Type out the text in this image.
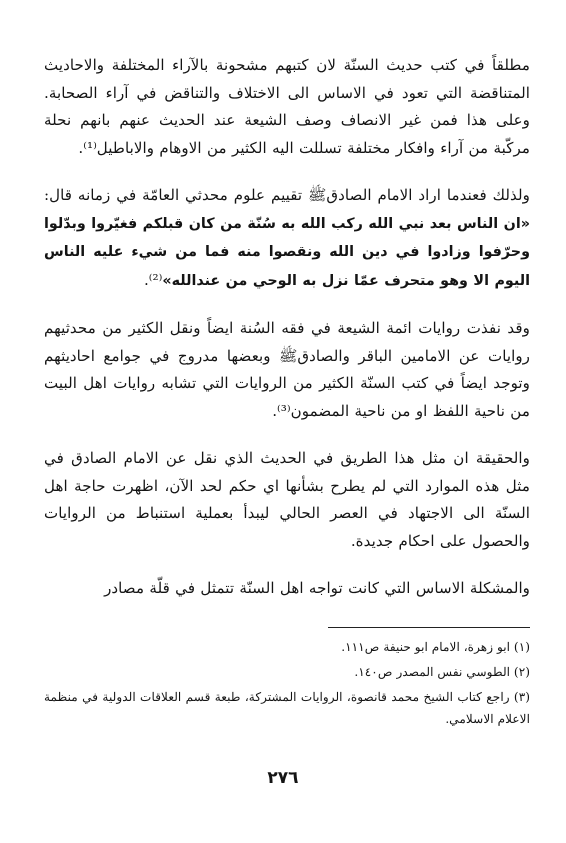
مطلقاً في كتب حديث السنّة لان كتبهم مشحونة بالآراء المختلفة والاحاديث المتناقضة التي تعود في الاساس الى الاختلاف والتناقض في آراء الصحابة. وعلى هذا فمن غير الانصاف وصف الشيعة عند الحديث عنهم بانهم نحلة مركّبة من آراء وافكار مختلفة تسللت اليه الكثير من الاوهام والاباطيل⁽¹⁾.

ولذلك فعندما اراد الامام الصادقﷺ تقييم علوم محدثي العامّة في زمانه قال: «ان الناس بعد نبي الله ركب الله به سُنّة من كان قبلكم فغيّروا وبدّلوا وحرّفوا وزادوا في دين الله ونقصوا منه فما من شيء عليه الناس اليوم الا وهو متحرف عمّا نزل به الوحي من عندالله»⁽²⁾.

وقد نفذت روايات ائمة الشيعة في فقه السُنة ايضاً ونقل الكثير من محدثيهم روايات عن الامامين الباقر والصادقﷺ وبعضها مدروج في جوامع احاديثهم وتوجد ايضاً في كتب السنّة الكثير من الروايات التي تشابه روايات اهل البيت من ناحية اللفظ او من ناحية المضمون⁽³⁾.

والحقيقة ان مثل هذا الطريق في الحديث الذي نقل عن الامام الصادق في مثل هذه الموارد التي لم يطرح بشأنها اي حكم لحد الآن، اظهرت حاجة اهل السنّة الى الاجتهاد في العصر الحالي ليبدأ بعملية استنباط من الروايات والحصول على احكام جديدة.

والمشكلة الاساس التي كانت تواجه اهل السنّة تتمثل في قلّة مصادر

(١) ابو زهرة، الامام ابو حنيفة ص١١١.

(٢) الطوسي نفس المصدر ص١٤٠.

(٣) راجع كتاب الشيخ محمد قانصوة، الروايات المشتركة، طبعة قسم العلاقات الدولية في منظمة الاعلام الاسلامي.

٢٧٦
